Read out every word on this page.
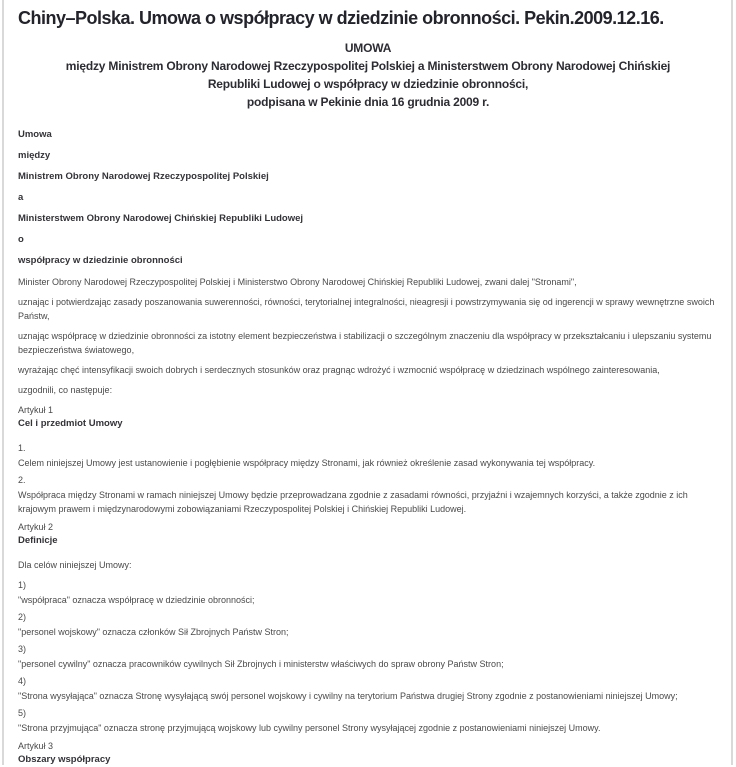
Chiny–Polska. Umowa o współpracy w dziedzinie obronności. Pekin.2009.12.16.

UMOWA

między Ministrem Obrony Narodowej Rzeczypospolitej Polskiej a Ministerstwem Obrony Narodowej Chińskiej

Republiki Ludowej o współpracy w dziedzinie obronności,

podpisana w Pekinie dnia 16 grudnia 2009 r.

Umowa

między

Ministrem Obrony Narodowej Rzeczypospolitej Polskiej

a

Ministerstwem Obrony Narodowej Chińskiej Republiki Ludowej

o

współpracy w dziedzinie obronności

Minister Obrony Narodowej Rzeczypospolitej Polskiej i Ministerstwo Obrony Narodowej Chińskiej Republiki Ludowej, zwani dalej "Stronami",

uznając i potwierdzając zasady poszanowania suwerenności, równości, terytorialnej integralności, nieagresji i powstrzymywania się od ingerencji w sprawy wewnętrzne swoich Państw,

uznając współpracę w dziedzinie obronności za istotny element bezpieczeństwa i stabilizacji o szczególnym znaczeniu dla współpracy w przekształcaniu i ulepszaniu systemu bezpieczeństwa światowego,

wyrażając chęć intensyfikacji swoich dobrych i serdecznych stosunków oraz pragnąc wdrożyć i wzmocnić współpracę w dziedzinach wspólnego zainteresowania,

uzgodnili, co następuje:

Artykuł 1

Cel i przedmiot Umowy

1.

Celem niniejszej Umowy jest ustanowienie i pogłębienie współpracy między Stronami, jak również określenie zasad wykonywania tej współpracy.

2.

Współpraca między Stronami w ramach niniejszej Umowy będzie przeprowadzana zgodnie z zasadami równości, przyjaźni i wzajemnych korzyści, a także zgodnie z ich krajowym prawem i międzynarodowymi zobowiązaniami Rzeczypospolitej Polskiej i Chińskiej Republiki Ludowej.

Artykuł 2

Definicje

Dla celów niniejszej Umowy:

1)

"współpraca" oznacza współpracę w dziedzinie obronności;

2)

"personel wojskowy" oznacza członków Sił Zbrojnych Państw Stron;

3)

"personel cywilny" oznacza pracowników cywilnych Sił Zbrojnych i ministerstw właściwych do spraw obrony Państw Stron;

4)

"Strona wysyłająca" oznacza Stronę wysyłającą swój personel wojskowy i cywilny na terytorium Państwa drugiej Strony zgodnie z postanowieniami niniejszej Umowy;

5)

"Strona przyjmująca" oznacza stronę przyjmującą wojskowy lub cywilny personel Strony wysyłającej zgodnie z postanowieniami niniejszej Umowy.

Artykuł 3

Obszary współpracy
